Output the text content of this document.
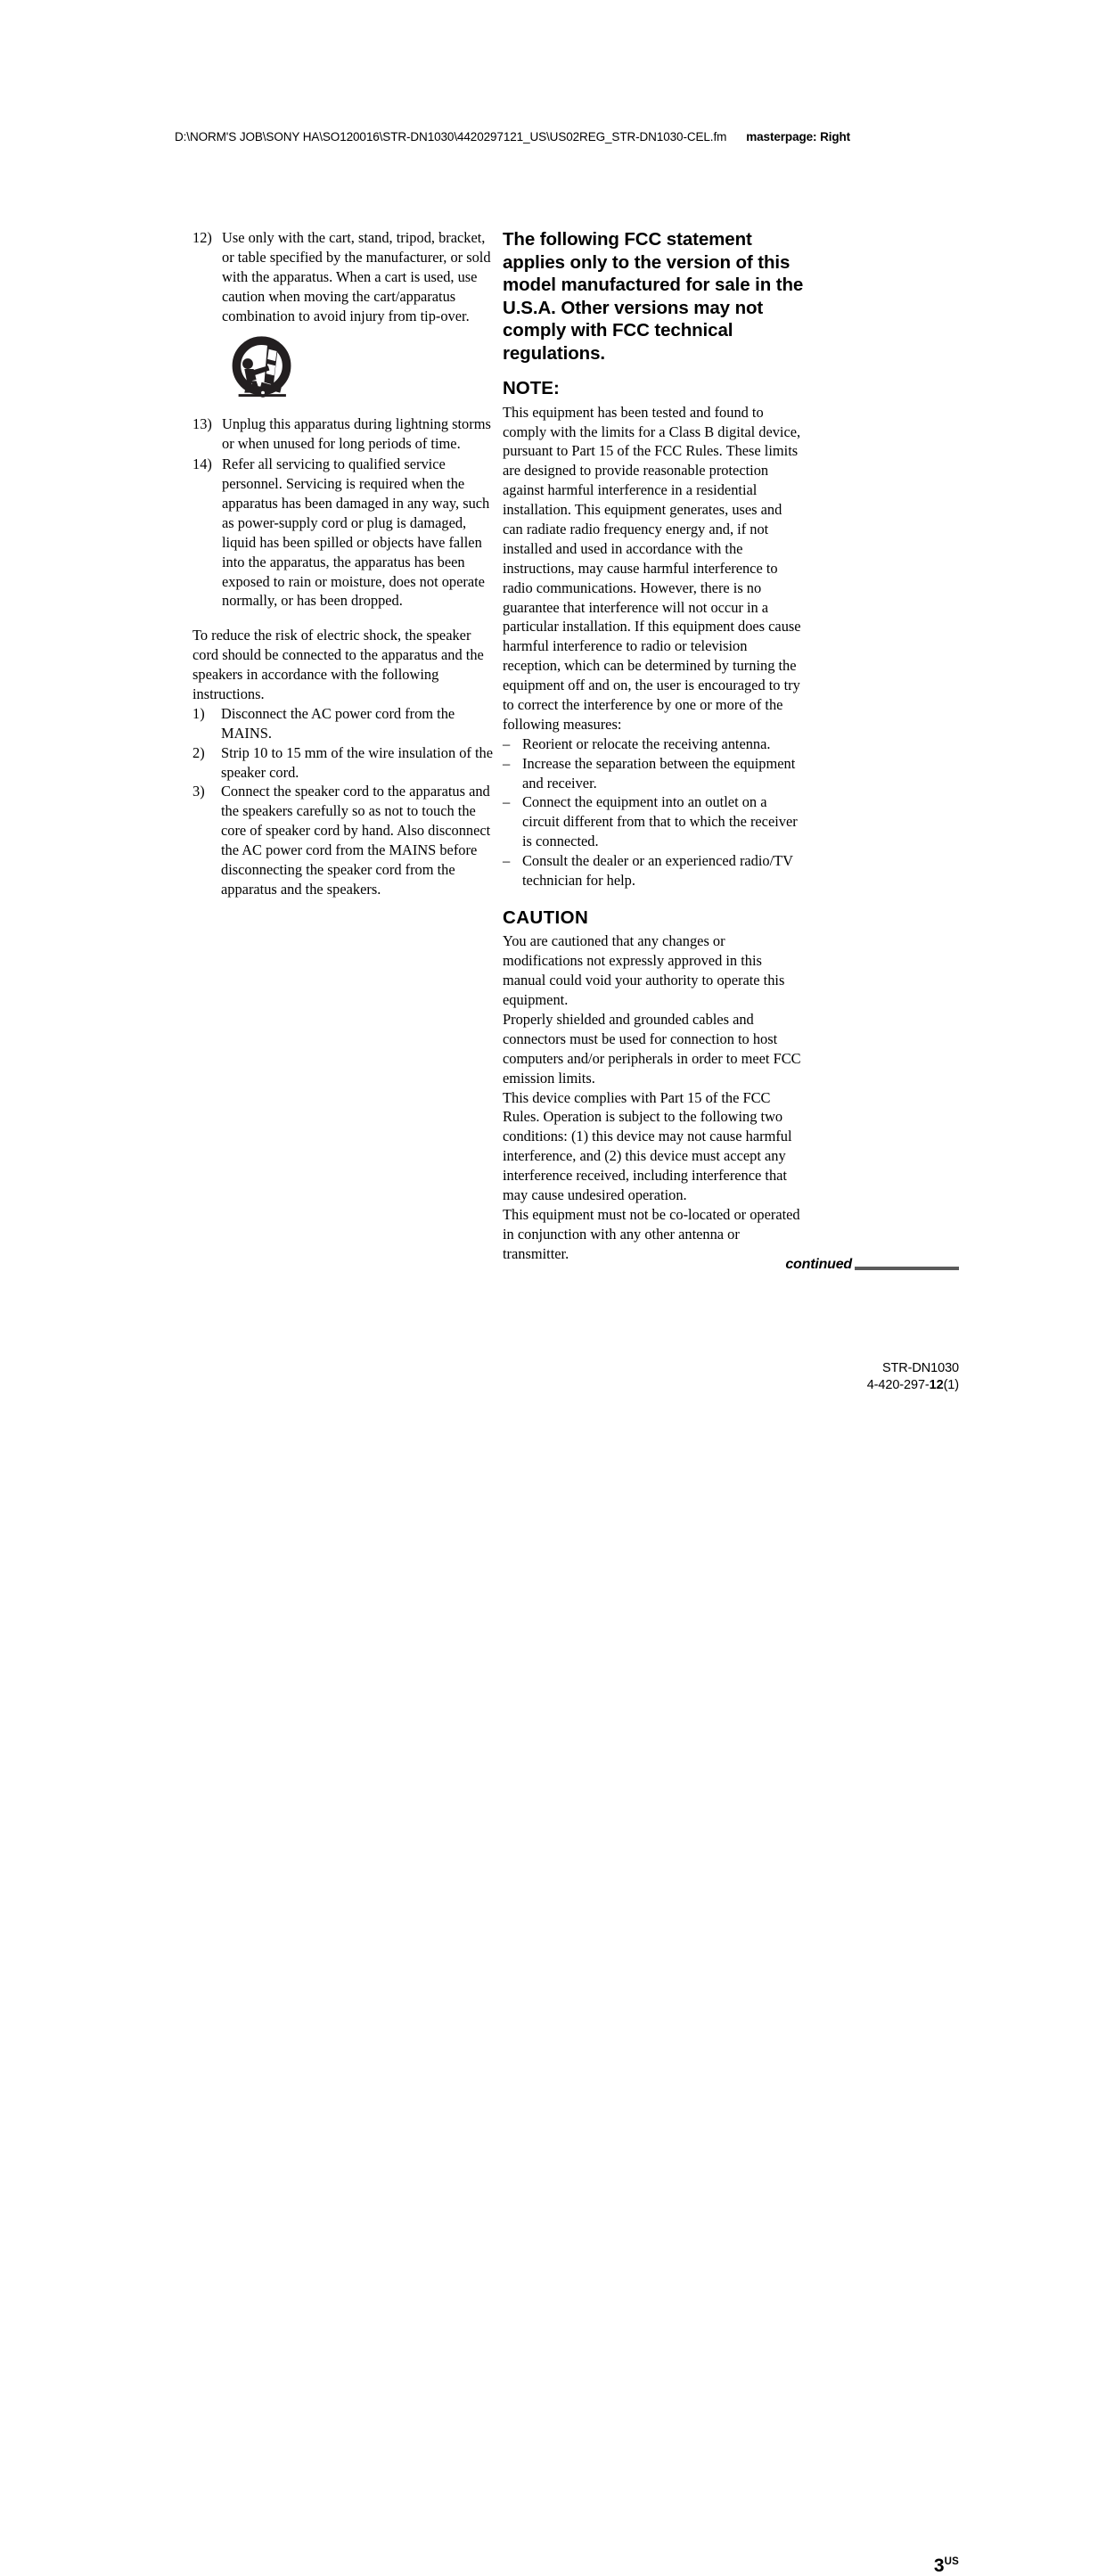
D:\NORM'S JOB\SONY HA\SO120016\STR-DN1030\4420297121_US\US02REG_STR-DN1030-CEL.fm masterpage: Right
12) Use only with the cart, stand, tripod, bracket, or table specified by the manufacturer, or sold with the apparatus. When a cart is used, use caution when moving the cart/apparatus combination to avoid injury from tip-over.
13) Unplug this apparatus during lightning storms or when unused for long periods of time.
14) Refer all servicing to qualified service personnel. Servicing is required when the apparatus has been damaged in any way, such as power-supply cord or plug is damaged, liquid has been spilled or objects have fallen into the apparatus, the apparatus has been exposed to rain or moisture, does not operate normally, or has been dropped.

To reduce the risk of electric shock, the speaker cord should be connected to the apparatus and the speakers in accordance with the following instructions.

1) Disconnect the AC power cord from the MAINS.
2) Strip 10 to 15 mm of the wire insulation of the speaker cord.
3) Connect the speaker cord to the apparatus and the speakers carefully so as not to touch the core of speaker cord by hand. Also disconnect the AC power cord from the MAINS before disconnecting the speaker cord from the apparatus and the speakers.
The following FCC statement applies only to the version of this model manufactured for sale in the U.S.A. Other versions may not comply with FCC technical regulations.
NOTE:

This equipment has been tested and found to comply with the limits for a Class B digital device, pursuant to Part 15 of the FCC Rules. These limits are designed to provide reasonable protection against harmful interference in a residential installation. This equipment generates, uses and can radiate radio frequency energy and, if not installed and used in accordance with the instructions, may cause harmful interference to radio communications. However, there is no guarantee that interference will not occur in a particular installation. If this equipment does cause harmful interference to radio or television reception, which can be determined by turning the equipment off and on, the user is encouraged to try to correct the interference by one or more of the following measures:

– Reorient or relocate the receiving antenna.
– Increase the separation between the equipment and receiver.
– Connect the equipment into an outlet on a circuit different from that to which the receiver is connected.
– Consult the dealer or an experienced radio/TV technician for help.
CAUTION

You are cautioned that any changes or modifications not expressly approved in this manual could void your authority to operate this equipment.

Properly shielded and grounded cables and connectors must be used for connection to host computers and/or peripherals in order to meet FCC emission limits.

This device complies with Part 15 of the FCC Rules. Operation is subject to the following two conditions: (1) this device may not cause harmful interference, and (2) this device must accept any interference received, including interference that may cause undesired operation.

This equipment must not be co-located or operated in conjunction with any other antenna or transmitter.

continued
$3^{US}$
STR-DN1030
4-420-297-12(1)
